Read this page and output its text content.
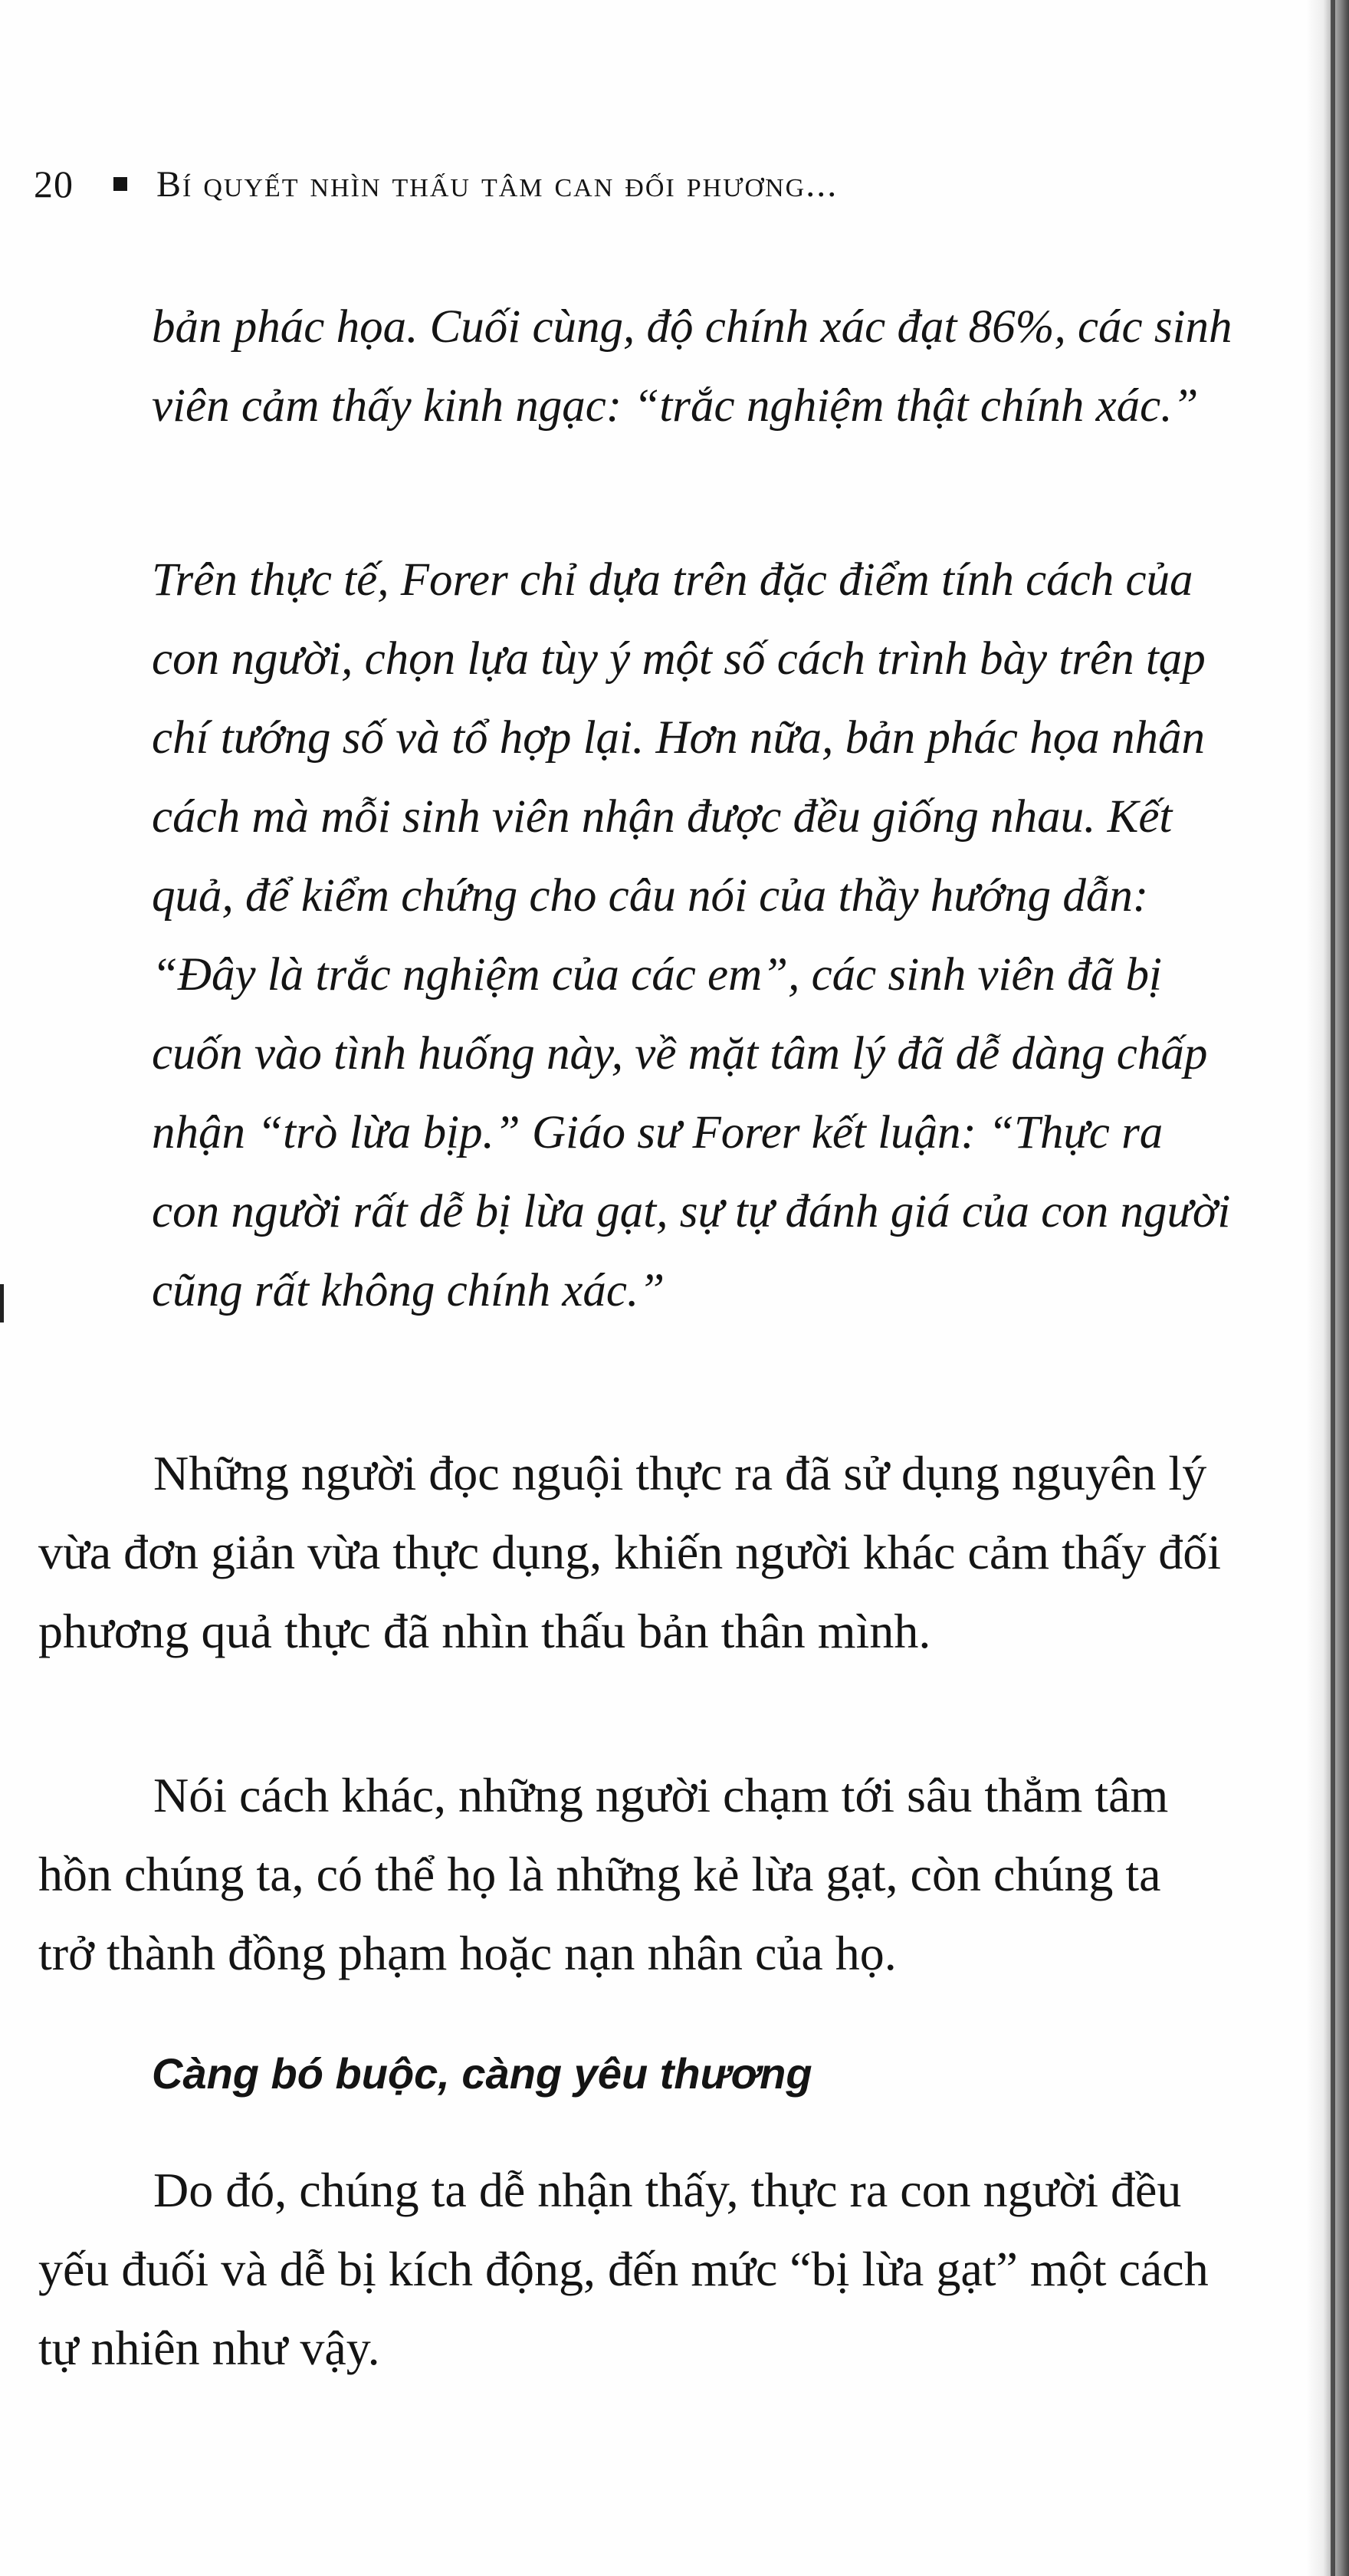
20 Bí quyết nhìn thấu tâm can đối phương...

bản phác họa. Cuối cùng, độ chính xác đạt 86%, các sinh viên cảm thấy kinh ngạc: “trắc nghiệm thật chính xác.”

Trên thực tế, Forer chỉ dựa trên đặc điểm tính cách của con người, chọn lựa tùy ý một số cách trình bày trên tạp chí tướng số và tổ hợp lại. Hơn nữa, bản phác họa nhân cách mà mỗi sinh viên nhận được đều giống nhau. Kết quả, để kiểm chứng cho câu nói của thầy hướng dẫn: “Đây là trắc nghiệm của các em”, các sinh viên đã bị cuốn vào tình huống này, về mặt tâm lý đã dễ dàng chấp nhận “trò lừa bịp.” Giáo sư Forer kết luận: “Thực ra con người rất dễ bị lừa gạt, sự tự đánh giá của con người cũng rất không chính xác.”

Những người đọc nguội thực ra đã sử dụng nguyên lý vừa đơn giản vừa thực dụng, khiến người khác cảm thấy đối phương quả thực đã nhìn thấu bản thân mình.

Nói cách khác, những người chạm tới sâu thẳm tâm hồn chúng ta, có thể họ là những kẻ lừa gạt, còn chúng ta trở thành đồng phạm hoặc nạn nhân của họ.

Càng bó buộc, càng yêu thương

Do đó, chúng ta dễ nhận thấy, thực ra con người đều yếu đuối và dễ bị kích động, đến mức “bị lừa gạt” một cách tự nhiên như vậy.
